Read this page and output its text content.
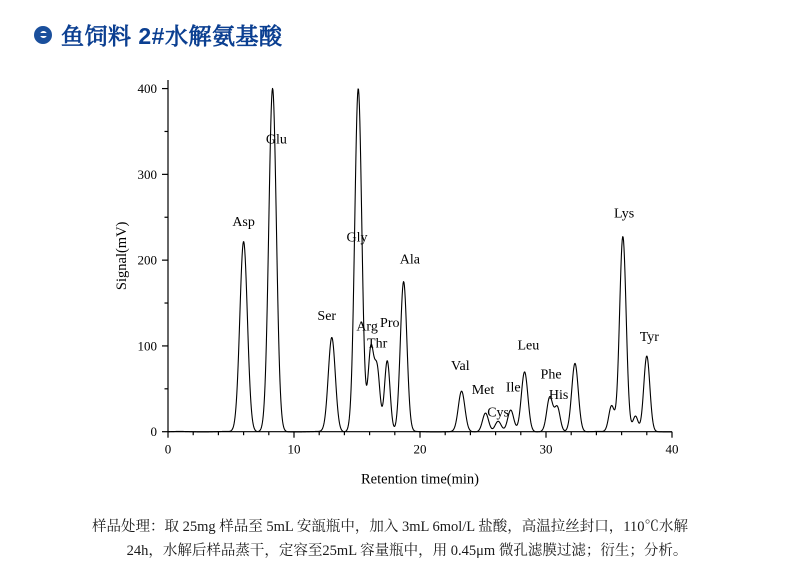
鱼饲料 2#水解氨基酸
0	10	20	30	40
0
100
200
300
400
Asp
Glu
Ser
Gly
Arg
Thr
Pro
Ala
Val
Met
Cys
Ile
Leu
Phe
His
Lys
Tyr
Retention time(min)
Signal(mV)
样品处理：取 25mg 样品至 5mL 安瓿瓶中，加入 3mL 6mol/L 盐酸，高温拉丝封口，110℃水解
24h，水解后样品蒸干，定容至25mL 容量瓶中，用 0.45μm 微孔滤膜过滤；衍生；分析。
